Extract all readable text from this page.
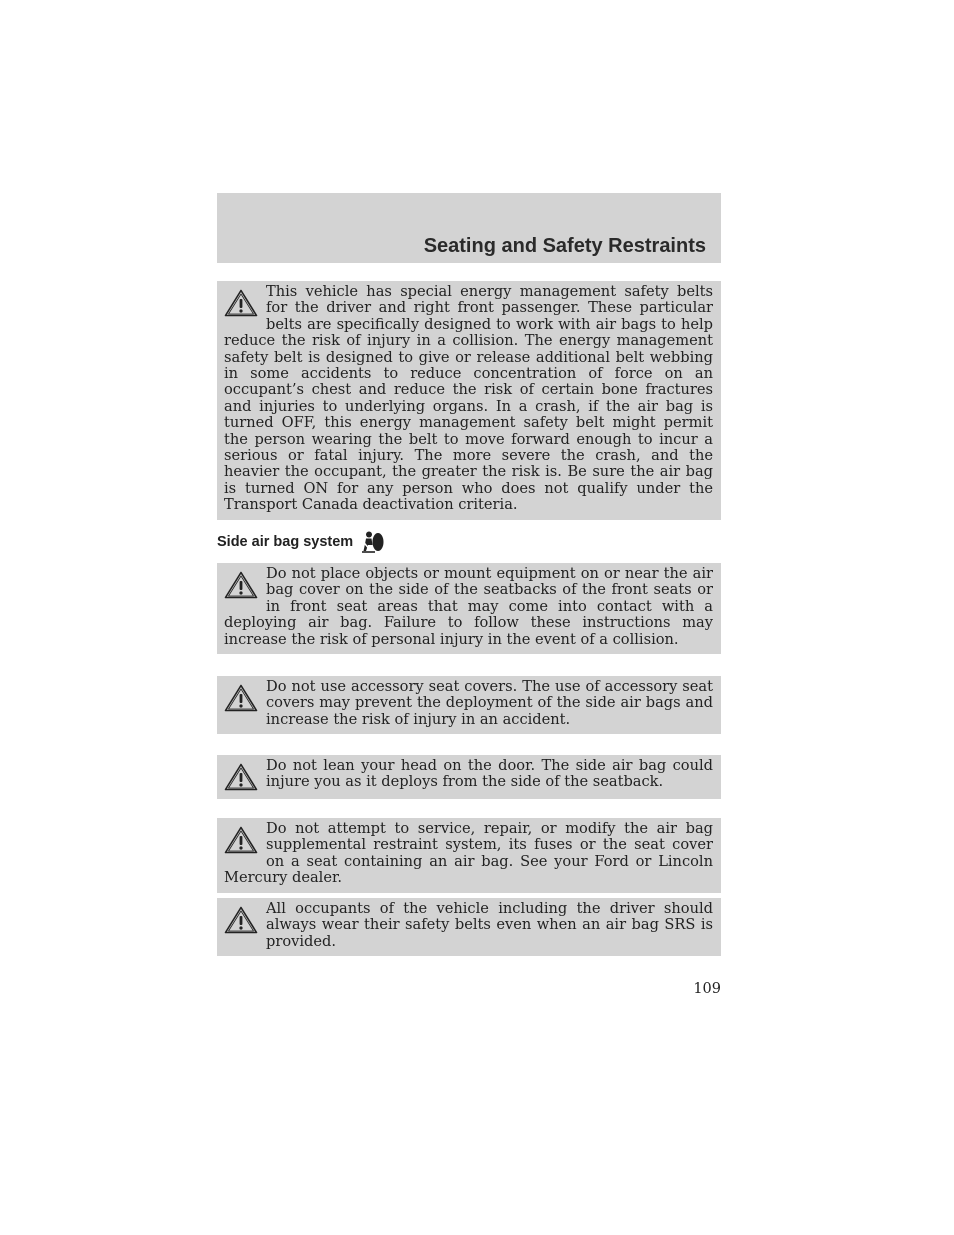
Seating and Safety Restraints

This vehicle has special energy management safety belts for the driver and right front passenger. These particular belts are specifically designed to work with air bags to help reduce the risk of injury in a collision. The energy management safety belt is designed to give or release additional belt webbing in some accidents to reduce concentration of force on an occupant’s chest and reduce the risk of certain bone fractures and injuries to underlying organs. In a crash, if the air bag is turned OFF, this energy management safety belt might permit the person wearing the belt to move forward enough to incur a serious or fatal injury. The more severe the crash, and the heavier the occupant, the greater the risk is. Be sure the air bag is turned ON for any person who does not qualify under the Transport Canada deactivation criteria.

Side air bag system

Do not place objects or mount equipment on or near the air bag cover on the side of the seatbacks of the front seats or in front seat areas that may come into contact with a deploying air bag. Failure to follow these instructions may increase the risk of personal injury in the event of a collision.

Do not use accessory seat covers. The use of accessory seat covers may prevent the deployment of the side air bags and increase the risk of injury in an accident.

Do not lean your head on the door. The side air bag could injure you as it deploys from the side of the seatback.

Do not attempt to service, repair, or modify the air bag supplemental restraint system, its fuses or the seat cover on a seat containing an air bag. See your Ford or Lincoln Mercury dealer.

All occupants of the vehicle including the driver should always wear their safety belts even when an air bag SRS is provided.

109
